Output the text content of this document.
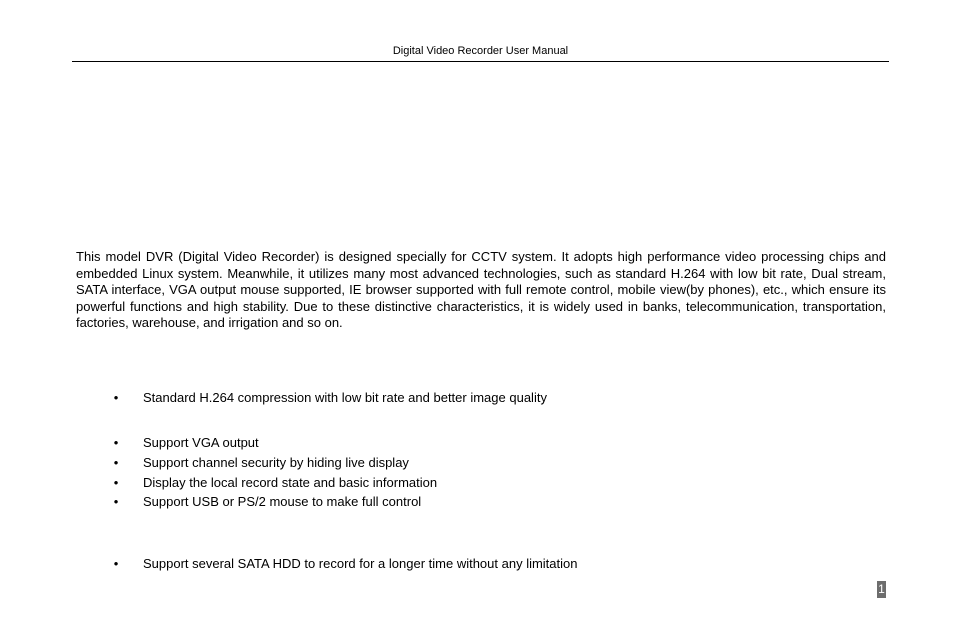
Digital Video Recorder User Manual

This model DVR (Digital Video Recorder) is designed specially for CCTV system. It adopts high performance video processing chips and embedded Linux system. Meanwhile, it utilizes many most advanced technologies, such as standard H.264 with low bit rate, Dual stream, SATA interface, VGA output mouse supported, IE browser supported with full remote control, mobile view(by phones), etc., which ensure its powerful functions and high stability. Due to these distinctive characteristics, it is widely used in banks, telecommunication, transportation, factories, warehouse, and irrigation and so on.

• Standard H.264 compression with low bit rate and better image quality
• Support VGA output
• Support channel security by hiding live display
• Display the local record state and basic information
• Support USB or PS/2 mouse to make full control
• Support several SATA HDD to record for a longer time without any limitation
1
